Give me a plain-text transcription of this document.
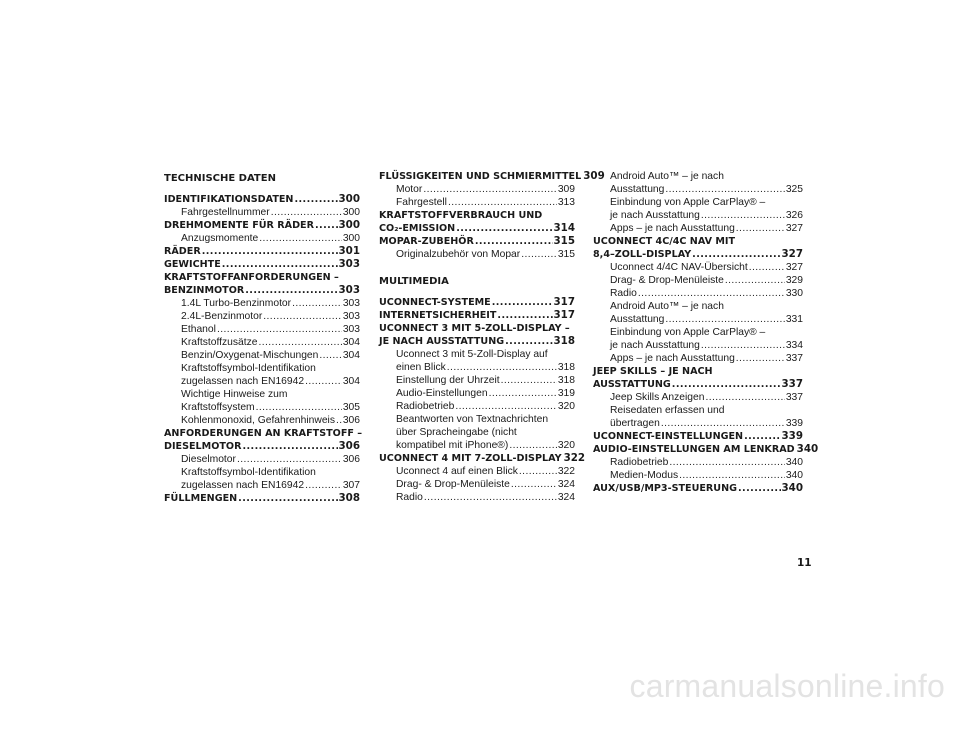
TECHNISCHE DATEN
IDENTIFIKATIONSDATEN .....	300
Fahrgestellnummer .....	300
DREHMOMENTE FÜR RÄDER ..... 300
Anzugsmomente .....	300
RÄDER .....	301
GEWICHTE .....	303
KRAFTSTOFFANFORDERUNGEN –
BENZINMOTOR .....	303
1.4L Turbo-Benzinmotor .....	303
2.4L-Benzinmotor .....	303
Ethanol .....	303
Kraftstoffzusätze .....	304
Benzin/Oxygenat-Mischungen ..... 304
Kraftstoffsymbol-Identifikation
zugelassen nach EN16942 .....	304
Wichtige Hinweise zum
Kraftstoffsystem .....	305
Kohlenmonoxid, Gefahrenhinweis ..... 306
ANFORDERUNGEN AN KRAFTSTOFF –
DIESELMOTOR .....	306
Dieselmotor .....	306
Kraftstoffsymbol-Identifikation
zugelassen nach EN16942 .....	307
FÜLLMENGEN .....	308
FLÜSSIGKEITEN UND SCHMIERMITTEL 309
Motor .....	309
Fahrgestell .....	313
KRAFTSTOFFVERBRAUCH UND
CO₂-EMISSION .....	314
MOPAR-ZUBEHÖR .....	315
Originalzubehör von Mopar .....	315
MULTIMEDIA
UCONNECT-SYSTEME .....	317
INTERNETSICHERHEIT .....	317
UCONNECT 3 MIT 5-ZOLL-DISPLAY –
JE NACH AUSSTATTUNG .....	318
Uconnect 3 mit 5-Zoll-Display auf
einen Blick .....	318
Einstellung der Uhrzeit .....	318
Audio-Einstellungen .....	319
Radiobetrieb .....	320
Beantworten von Textnachrichten
über Spracheingabe (nicht
kompatibel mit iPhone®) .....	320
UCONNECT 4 MIT 7-ZOLL-DISPLAY 322
Uconnect 4 auf einen Blick .....	322
Drag- & Drop-Menüleiste .....	324
Radio .....	324
Android Auto™ – je nach
Ausstattung .....	325
Einbindung von Apple CarPlay® –
je nach Ausstattung .....	326
Apps – je nach Ausstattung .....	327
UCONNECT 4C/4C NAV MIT
8,4–ZOLL-DISPLAY .....	327
Uconnect 4/4C NAV-Übersicht .....	327
Drag- & Drop-Menüleiste .....	329
Radio .....	330
Android Auto™ – je nach
Ausstattung .....	331
Einbindung von Apple CarPlay® –
je nach Ausstattung .....	334
Apps – je nach Ausstattung .....	337
JEEP SKILLS – JE NACH
AUSSTATTUNG .....	337
Jeep Skills Anzeigen .....	337
Reisedaten erfassen und
übertragen .....	339
UCONNECT-EINSTELLUNGEN .....	339
AUDIO-EINSTELLUNGEN AM LENKRAD 340
Radiobetrieb .....	340
Medien-Modus .....	340
AUX/USB/MP3-STEUERUNG .....	340
11
carmanualsonline.info
